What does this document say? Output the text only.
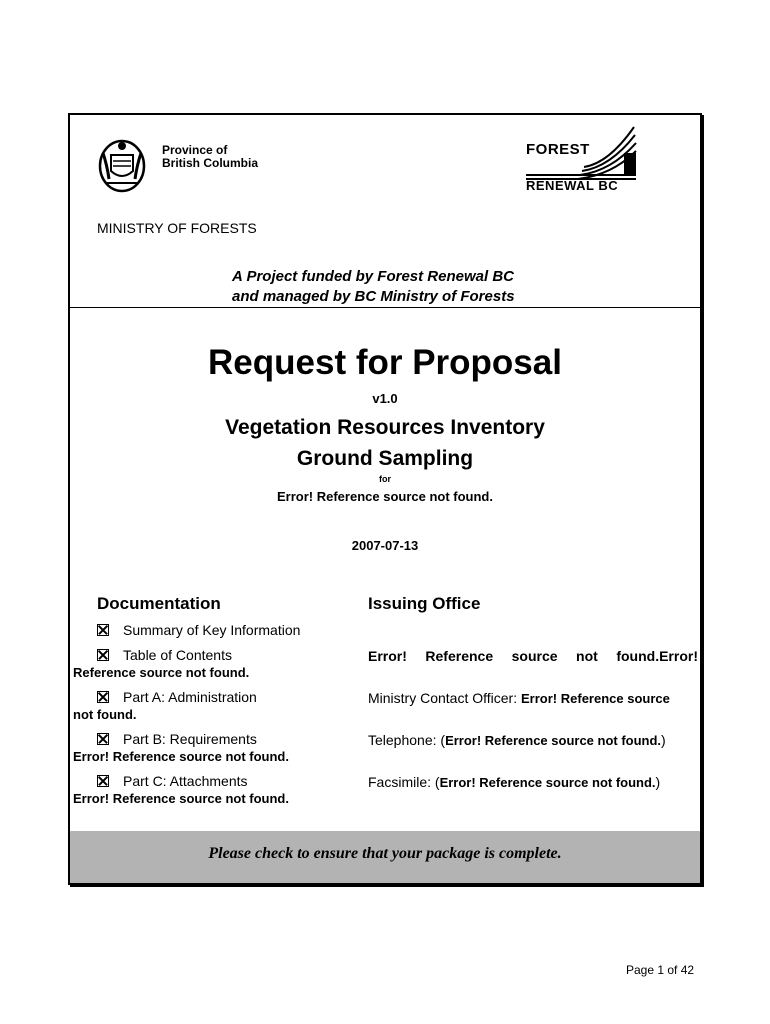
Province of
British Columbia
FOREST
RENEWAL BC
MINISTRY OF FORESTS
A Project funded by Forest Renewal BC
and managed by BC Ministry of Forests
Request for Proposal
v1.0
Vegetation Resources Inventory
Ground Sampling
for
Error! Reference source not found.
2007-07-13
Documentation	Issuing Office
Summary of Key Information
Table of Contents
Reference source not found.
Part A: Administration
not found.
Part B: Requirements
Error! Reference source not found.
Part C: Attachments
Error! Reference source not found.
Error! Reference source not found.Error!
Ministry Contact Officer: Error! Reference source
Telephone: (Error! Reference source not found.)
Facsimile: (Error! Reference source not found.)
Please check to ensure that your package is complete.
Page 1 of 42
